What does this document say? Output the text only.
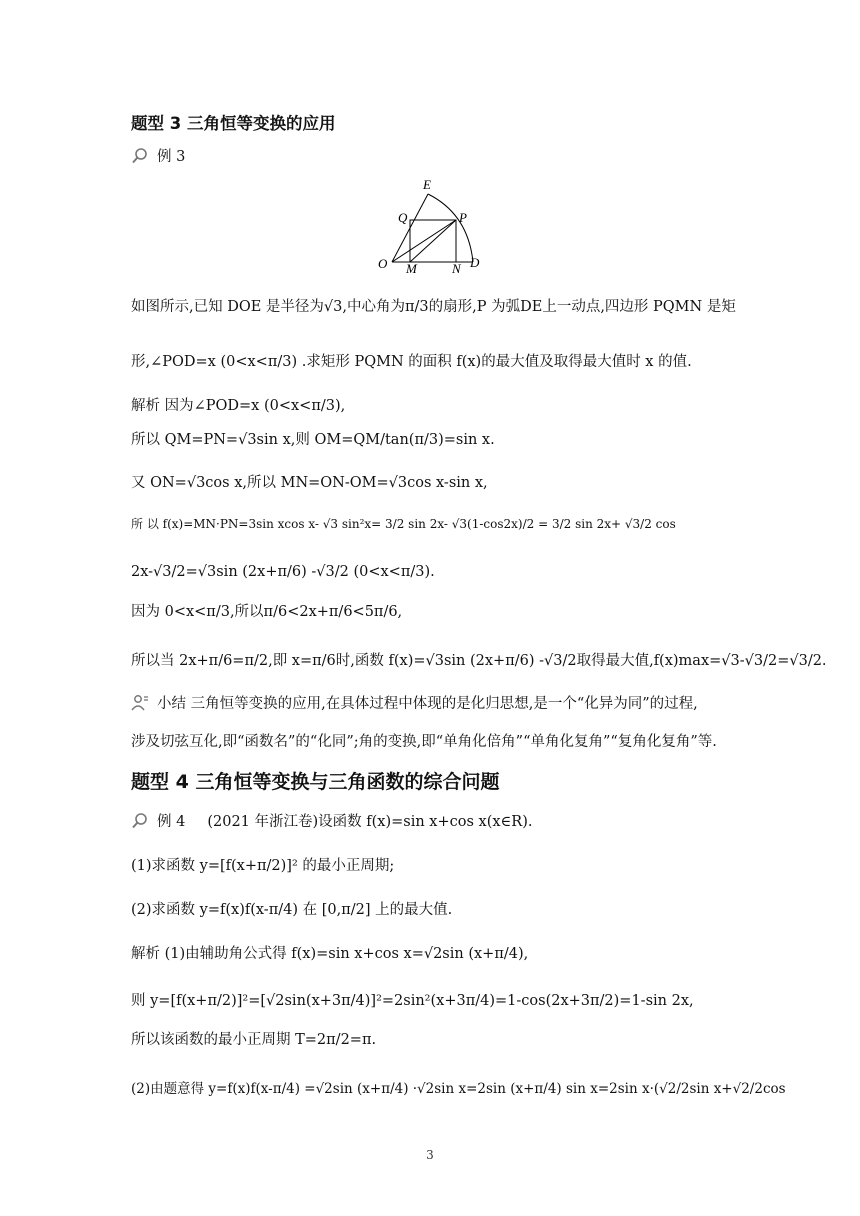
题型 3 三角恒等变换的应用
例 3
E
Q	P
O M	N D
如图所示,已知 DOE 是半径为√3,中心角为π/3的扇形,P 为弧DE上一动点,四边形 PQMN 是矩
形,∠POD=x (0<x<π/3) .求矩形 PQMN 的面积 f(x)的最大值及取得最大值时 x 的值.
解析 因为∠POD=x (0<x<π/3),
所以 QM=PN=√3sin x,则 OM=QM/tan(π/3)=sin x.
又 ON=√3cos x,所以 MN=ON-OM=√3cos x-sin x,
所 以 f(x)=MN·PN=3sin xcos x- √3 sin²x= 3/2 sin 2x- √3(1-cos2x)/2 = 3/2 sin 2x+ √3/2 cos
2x-√3/2=√3sin (2x+π/6) -√3/2 (0<x<π/3).
因为 0<x<π/3,所以π/6<2x+π/6<5π/6,
所以当 2x+π/6=π/2,即 x=π/6时,函数 f(x)=√3sin (2x+π/6) -√3/2取得最大值,f(x)max=√3-√3/2=√3/2.
小结 三角恒等变换的应用,在具体过程中体现的是化归思想,是一个“化异为同”的过程,
涉及切弦互化,即“函数名”的“化同”;角的变换,即“单角化倍角”“单角化复角”“复角化复角”等.
题型 4 三角恒等变换与三角函数的综合问题
例 4 (2021 年浙江卷)设函数 f(x)=sin x+cos x(x∈R).
(1)求函数 y=[f(x+π/2)]² 的最小正周期;
(2)求函数 y=f(x)f(x-π/4) 在 [0,π/2] 上的最大值.
解析 (1)由辅助角公式得 f(x)=sin x+cos x=√2sin (x+π/4),
则 y=[f(x+π/2)]²=[√2sin(x+3π/4)]²=2sin²(x+3π/4)=1-cos(2x+3π/2)=1-sin 2x,
所以该函数的最小正周期 T=2π/2=π.
(2)由题意得 y=f(x)f(x-π/4) =√2sin (x+π/4) ·√2sin x=2sin (x+π/4) sin x=2sin x·(√2/2sin x+√2/2cos
3
